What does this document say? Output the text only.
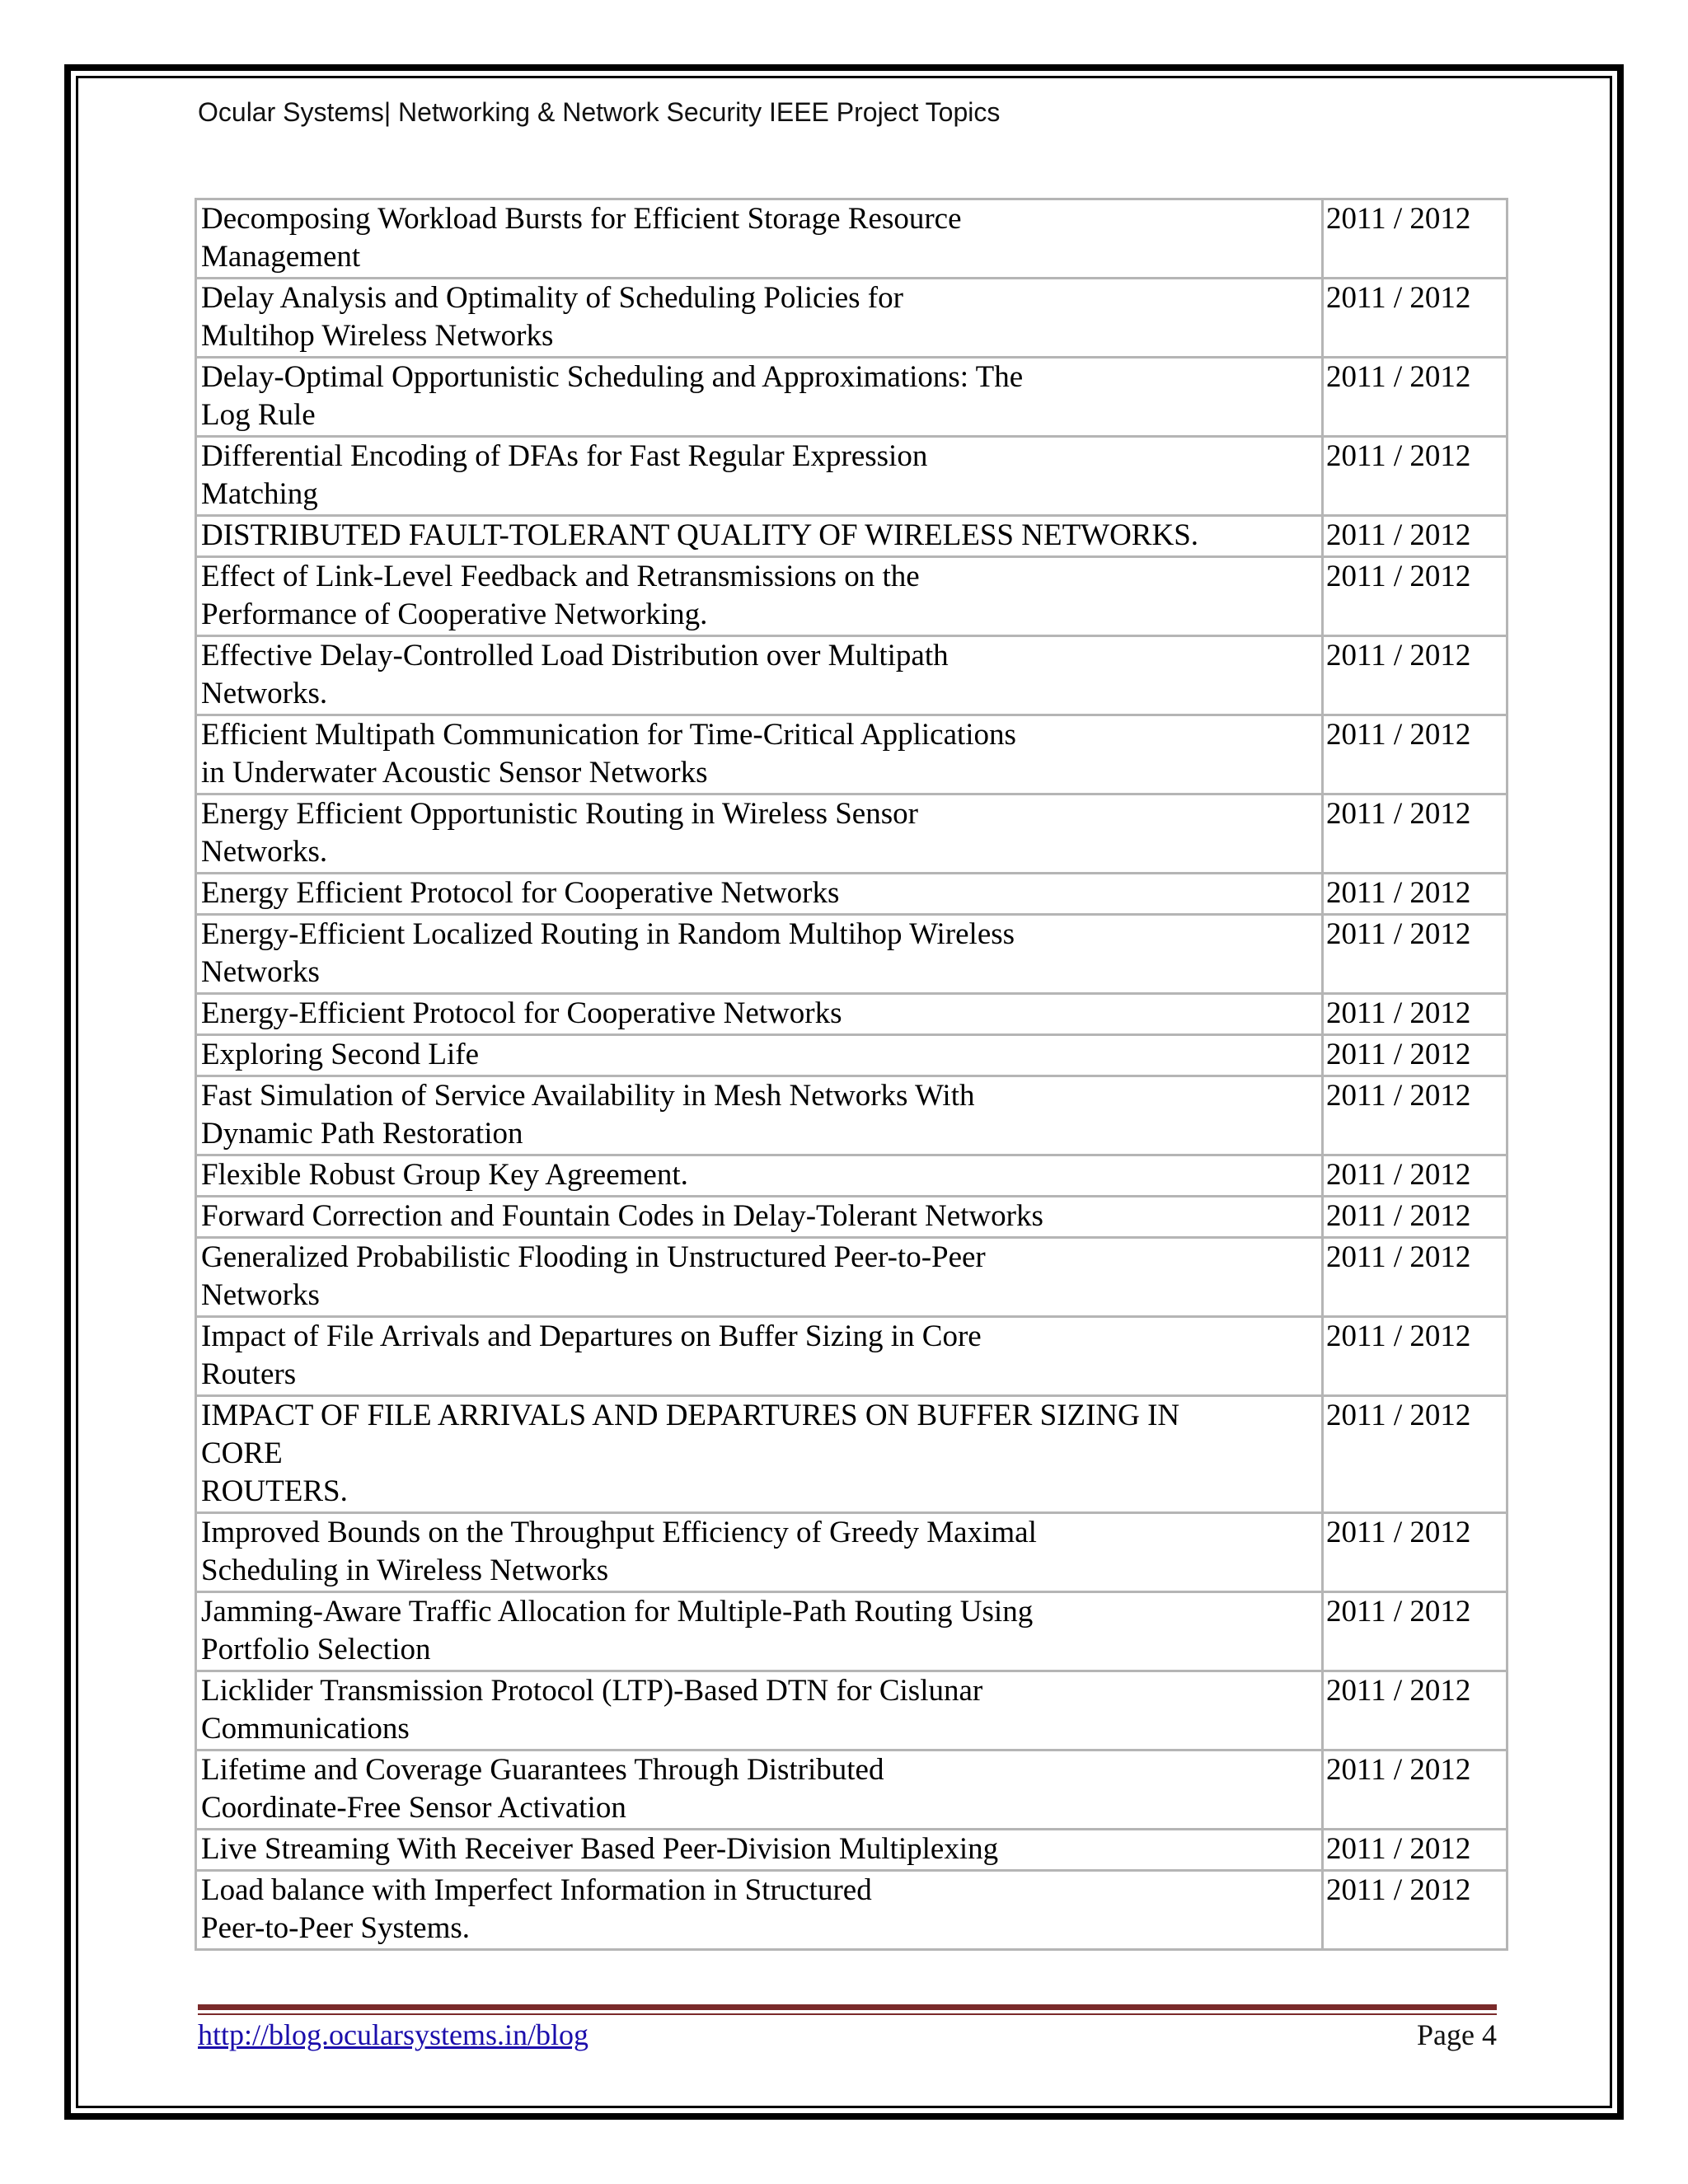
Ocular Systems| Networking & Network Security IEEE Project Topics
Decomposing Workload Bursts for Efficient Storage Resource
Management	2011 / 2012
Delay Analysis and Optimality of Scheduling Policies for
Multihop Wireless Networks	2011 / 2012
Delay-Optimal Opportunistic Scheduling and Approximations: The
Log Rule	2011 / 2012
Differential Encoding of DFAs for Fast Regular Expression
Matching	2011 / 2012
DISTRIBUTED FAULT-TOLERANT QUALITY OF WIRELESS NETWORKS.	2011 / 2012
Effect of Link-Level Feedback and Retransmissions on the
Performance of Cooperative Networking.	2011 / 2012
Effective Delay-Controlled Load Distribution over Multipath
Networks.	2011 / 2012
Efficient Multipath Communication for Time-Critical Applications
in Underwater Acoustic Sensor Networks	2011 / 2012
Energy Efficient Opportunistic Routing in Wireless Sensor
Networks.	2011 / 2012
Energy Efficient Protocol for Cooperative Networks	2011 / 2012
Energy-Efficient Localized Routing in Random Multihop Wireless
Networks	2011 / 2012
Energy-Efficient Protocol for Cooperative Networks	2011 / 2012
Exploring Second Life	2011 / 2012
Fast Simulation of Service Availability in Mesh Networks With
Dynamic Path Restoration	2011 / 2012
Flexible Robust Group Key Agreement.	2011 / 2012
Forward Correction and Fountain Codes in Delay-Tolerant Networks	2011 / 2012
Generalized Probabilistic Flooding in Unstructured Peer-to-Peer
Networks	2011 / 2012
Impact of File Arrivals and Departures on Buffer Sizing in Core
Routers	2011 / 2012
IMPACT OF FILE ARRIVALS AND DEPARTURES ON BUFFER SIZING IN
CORE
ROUTERS.	2011 / 2012
Improved Bounds on the Throughput Efficiency of Greedy Maximal
Scheduling in Wireless Networks	2011 / 2012
Jamming-Aware Traffic Allocation for Multiple-Path Routing Using
Portfolio Selection	2011 / 2012
Licklider Transmission Protocol (LTP)-Based DTN for Cislunar
Communications	2011 / 2012
Lifetime and Coverage Guarantees Through Distributed
Coordinate-Free Sensor Activation	2011 / 2012
Live Streaming With Receiver Based Peer-Division Multiplexing	2011 / 2012
Load balance with Imperfect Information in Structured
Peer-to-Peer Systems.	2011 / 2012
http://blog.ocularsystems.in/blog	Page 4
